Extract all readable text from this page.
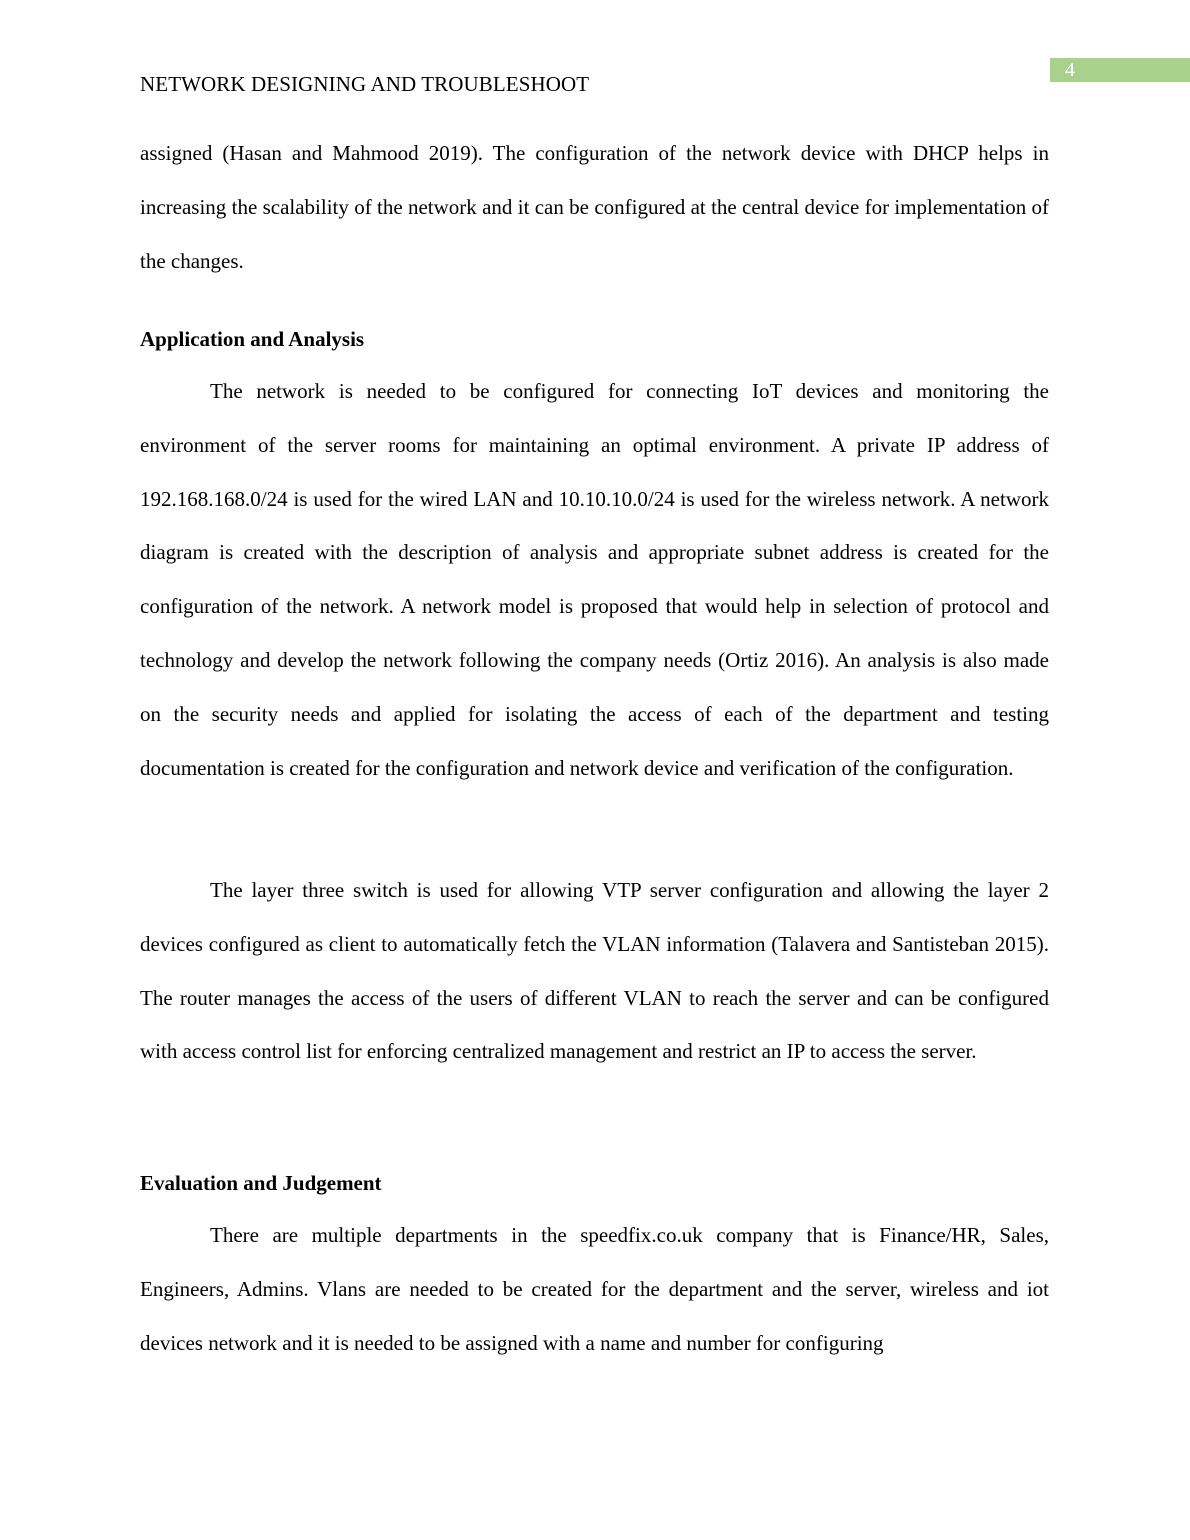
4
NETWORK DESIGNING AND TROUBLESHOOT

assigned (Hasan and Mahmood 2019). The configuration of the network device with DHCP helps in increasing the scalability of the network and it can be configured at the central device for implementation of the changes.

Application and Analysis

The network is needed to be configured for connecting IoT devices and monitoring the environment of the server rooms for maintaining an optimal environment. A private IP address of 192.168.168.0/24 is used for the wired LAN and 10.10.10.0/24 is used for the wireless network. A network diagram is created with the description of analysis and appropriate subnet address is created for the configuration of the network. A network model is proposed that would help in selection of protocol and technology and develop the network following the company needs (Ortiz 2016). An analysis is also made on the security needs and applied for isolating the access of each of the department and testing documentation is created for the configuration and network device and verification of the configuration.

The layer three switch is used for allowing VTP server configuration and allowing the layer 2 devices configured as client to automatically fetch the VLAN information (Talavera and Santisteban 2015). The router manages the access of the users of different VLAN to reach the server and can be configured with access control list for enforcing centralized management and restrict an IP to access the server.

Evaluation and Judgement

There are multiple departments in the speedfix.co.uk company that is Finance/HR, Sales, Engineers, Admins. Vlans are needed to be created for the department and the server, wireless and iot devices network and it is needed to be assigned with a name and number for configuring
